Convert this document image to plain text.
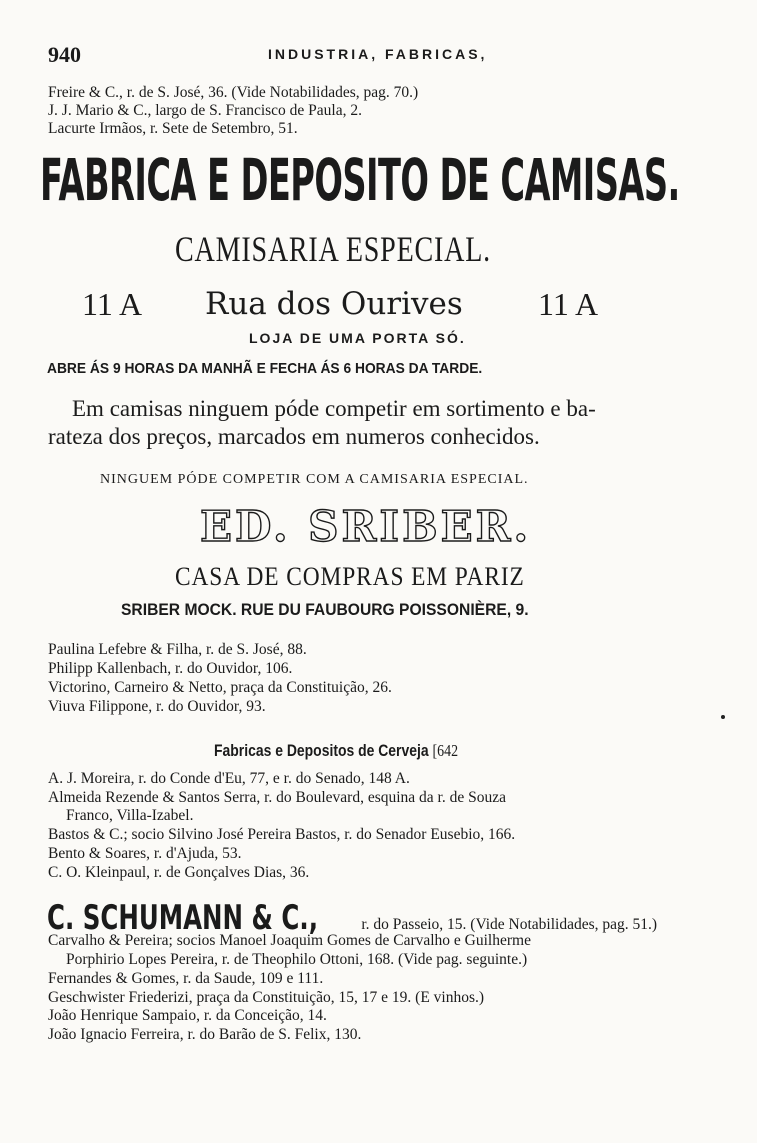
940	INDUSTRIA, FABRICAS,
Freire & C., r. de S. José, 36. (Vide Notabilidades, pag. 70.)
J. J. Mario & C., largo de S. Francisco de Paula, 2.
Lacurte Irmãos, r. Sete de Setembro, 51.
FABRICA E DEPOSITO DE CAMISAS.
CAMISARIA ESPECIAL.
11 A Rua dos Ourives 11 A
LOJA DE UMA PORTA SÓ.
ABRE ÁS 9 HORAS DA MANHÃ E FECHA ÁS 6 HORAS DA TARDE.
Em camisas ninguem póde competir em sortimento e ba-
rateza dos preços, marcados em numeros conhecidos.
NINGUEM PÓDE COMPETIR COM A CAMISARIA ESPECIAL.
ED. SRIBER.
CASA DE COMPRAS EM PARIZ
SRIBER MOCK. RUE DU FAUBOURG POISSONIÈRE, 9.
Paulina Lefebre & Filha, r. de S. José, 88.
Philipp Kallenbach, r. do Ouvidor, 106.
Victorino, Carneiro & Netto, praça da Constituição, 26.
Viuva Filippone, r. do Ouvidor, 93.
Fabricas e Depositos de Cerveja [642
A. J. Moreira, r. do Conde d'Eu, 77, e r. do Senado, 148 A.
Almeida Rezende & Santos Serra, r. do Boulevard, esquina da r. de Souza
Franco, Villa-Izabel.
Bastos & C.; socio Silvino José Pereira Bastos, r. do Senador Eusebio, 166.
Bento & Soares, r. d'Ajuda, 53.
C. O. Kleinpaul, r. de Gonçalves Dias, 36.
C. SCHUMANN & C.,	r. do Passeio, 15. (Vide Notabilidades, pag. 51.)
Carvalho & Pereira; socios Manoel Joaquim Gomes de Carvalho e Guilherme
Porphirio Lopes Pereira, r. de Theophilo Ottoni, 168. (Vide pag. seguinte.)
Fernandes & Gomes, r. da Saude, 109 e 111.
Geschwister Friederizi, praça da Constituição, 15, 17 e 19. (E vinhos.)
João Henrique Sampaio, r. da Conceição, 14.
João Ignacio Ferreira, r. do Barão de S. Felix, 130.
